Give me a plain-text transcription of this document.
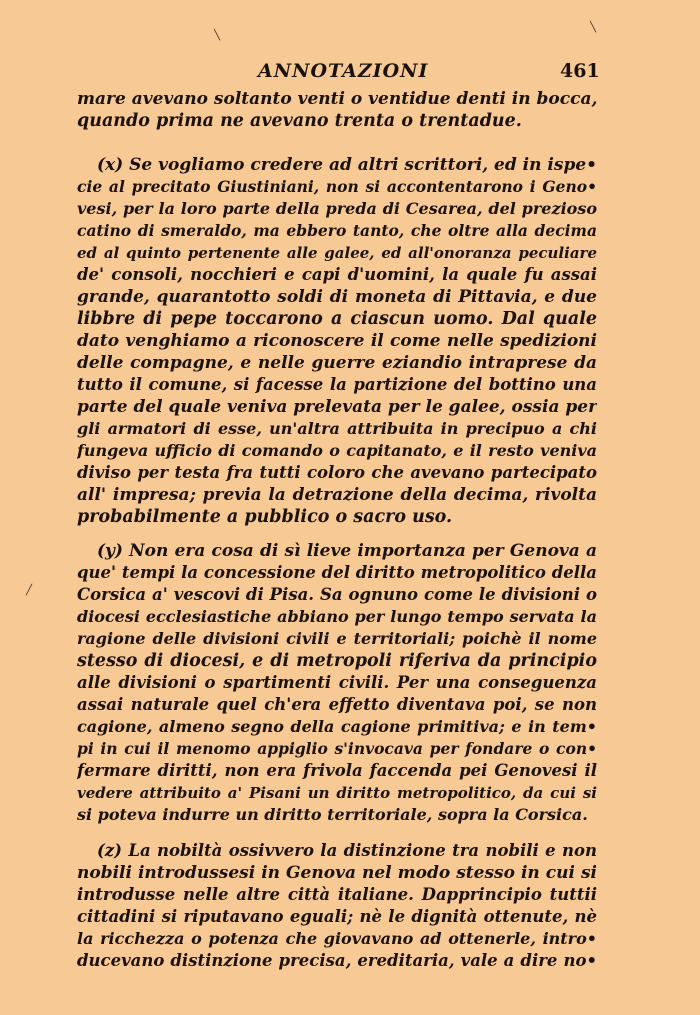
╲
╲
╱
ANNOTAZIONI	461
mare avevano soltanto venti o ventidue denti in bocca,
quando prima ne avevano trenta o trentadue.
(x) Se vogliamo credere ad altri scrittori, ed in ispe•
cie al precitato Giustiniani, non si accontentarono i Geno•
vesi, per la loro parte della preda di Cesarea, del prezioso
catino di smeraldo, ma ebbero tanto, che oltre alla decima
ed al quinto pertenente alle galee, ed all'onoranza peculiare
de' consoli, nocchieri e capi d'uomini, la quale fu assai
grande, quarantotto soldi di moneta di Pittavia, e due
libbre di pepe toccarono a ciascun uomo. Dal quale
dato venghiamo a riconoscere il come nelle spedizioni
delle compagne, e nelle guerre eziandio intraprese da
tutto il comune, si facesse la partizione del bottino una
parte del quale veniva prelevata per le galee, ossia per
gli armatori di esse, un'altra attribuita in precipuo a chi
fungeva ufficio di comando o capitanato, e il resto veniva
diviso per testa fra tutti coloro che avevano partecipato
all' impresa; previa la detrazione della decima, rivolta
probabilmente a pubblico o sacro uso.
(y) Non era cosa di sì lieve importanza per Genova a
que' tempi la concessione del diritto metropolitico della
Corsica a' vescovi di Pisa. Sa ognuno come le divisioni o
diocesi ecclesiastiche abbiano per lungo tempo servata la
ragione delle divisioni civili e territoriali; poichè il nome
stesso di diocesi, e di metropoli riferiva da principio
alle divisioni o spartimenti civili. Per una conseguenza
assai naturale quel ch'era effetto diventava poi, se non
cagione, almeno segno della cagione primitiva; e in tem•
pi in cui il menomo appiglio s'invocava per fondare o con•
fermare diritti, non era frivola faccenda pei Genovesi il
vedere attribuito a' Pisani un diritto metropolitico, da cui si
si poteva indurre un diritto territoriale, sopra la Corsica.
(z) La nobiltà ossivvero la distinzione tra nobili e non
nobili introdussesi in Genova nel modo stesso in cui si
introdusse nelle altre città italiane. Dapprincipio tuttii
cittadini si riputavano eguali; nè le dignità ottenute, nè
la ricchezza o potenza che giovavano ad ottenerle, intro•
ducevano distinzione precisa, ereditaria, vale a dire no•
